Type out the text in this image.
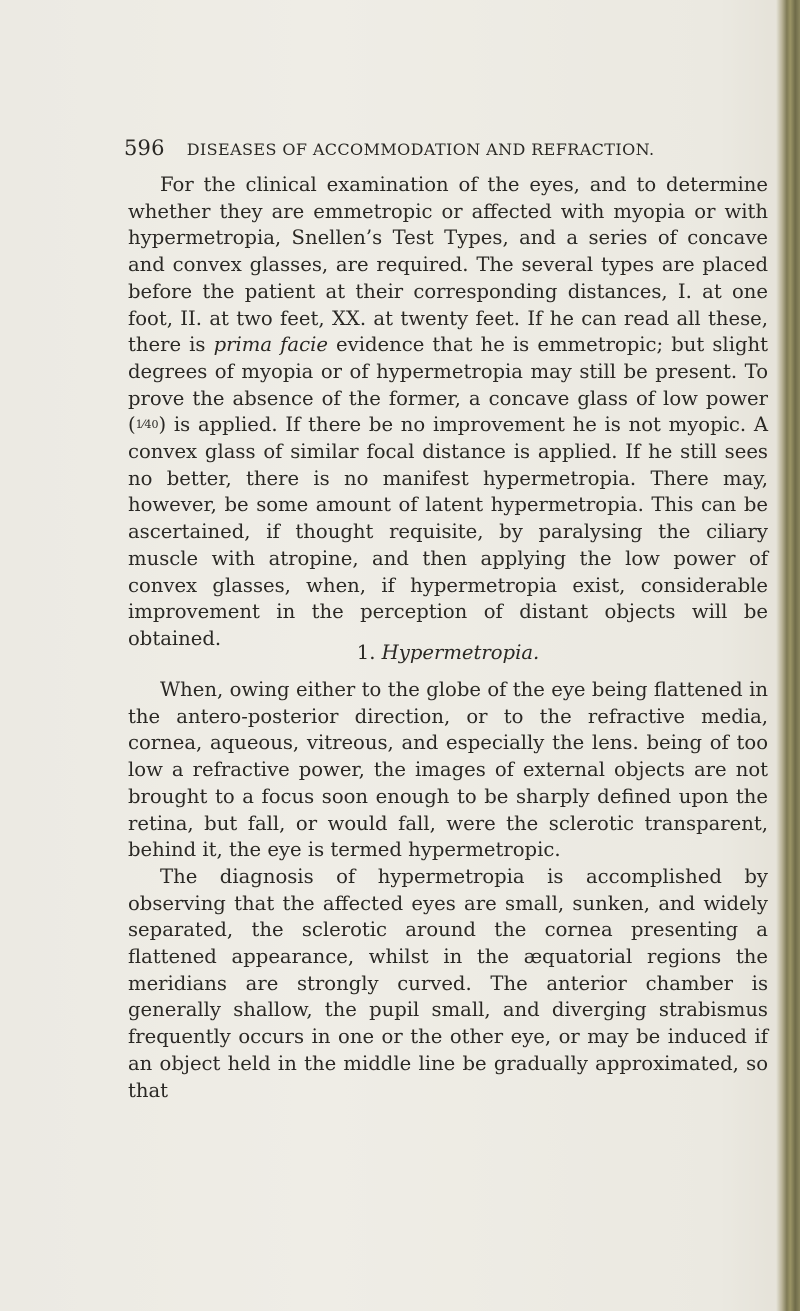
596 DISEASES OF ACCOMMODATION AND REFRACTION.

For the clinical examination of the eyes, and to determine whether they are emmetropic or affected with myopia or with hypermetropia, Snellen’s Test Types, and a series of concave and convex glasses, are required. The several types are placed before the patient at their corresponding distances, I. at one foot, II. at two feet, XX. at twenty feet. If he can read all these, there is prima facie evidence that he is emmetropic; but slight degrees of myopia or of hypermetropia may still be present. To prove the absence of the former, a concave glass of low power (1⁄40) is applied. If there be no improvement he is not myopic. A convex glass of similar focal distance is applied. If he still sees no better, there is no manifest hypermetropia. There may, however, be some amount of latent hypermetropia. This can be ascertained, if thought requisite, by paralysing the ciliary muscle with atropine, and then applying the low power of convex glasses, when, if hypermetropia exist, considerable improvement in the perception of distant objects will be obtained.

1. Hypermetropia.

When, owing either to the globe of the eye being flattened in the antero-posterior direction, or to the refractive media, cornea, aqueous, vitreous, and especially the lens. being of too low a refractive power, the images of external objects are not brought to a focus soon enough to be sharply defined upon the retina, but fall, or would fall, were the sclerotic transparent, behind it, the eye is termed hypermetropic.

The diagnosis of hypermetropia is accomplished by observing that the affected eyes are small, sunken, and widely separated, the sclerotic around the cornea presenting a flattened appearance, whilst in the æquatorial regions the meridians are strongly curved. The anterior chamber is generally shallow, the pupil small, and diverging strabismus frequently occurs in one or the other eye, or may be induced if an object held in the middle line be gradually approximated, so that
